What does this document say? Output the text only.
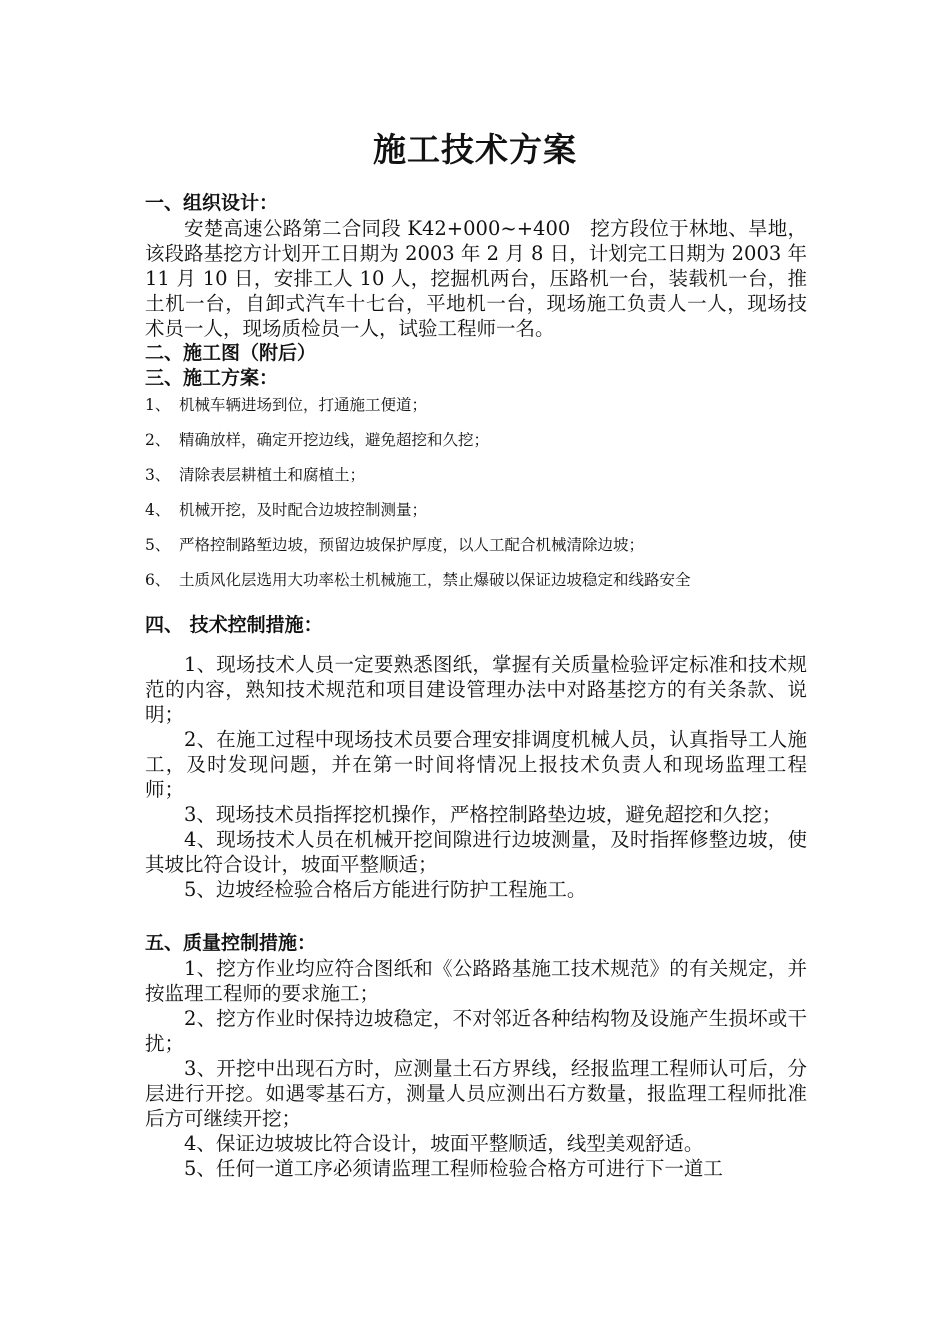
施工技术方案

一、组织设计：

安楚高速公路第二合同段 K42+000~+400　挖方段位于林地、旱地，该段路基挖方计划开工日期为 2003 年 2 月 8 日，计划完工日期为 2003 年 11 月 10 日，安排工人 10 人，挖掘机两台，压路机一台，装载机一台，推土机一台，自卸式汽车十七台，平地机一台，现场施工负责人一人，现场技术员一人，现场质检员一人，试验工程师一名。

二、施工图（附后）

三、施工方案：

1、 机械车辆进场到位，打通施工便道；

2、 精确放样，确定开挖边线，避免超挖和久挖；

3、 清除表层耕植土和腐植土；

4、 机械开挖，及时配合边坡控制测量；

5、 严格控制路堑边坡，预留边坡保护厚度，以人工配合机械清除边坡；

6、 土质风化层选用大功率松土机械施工，禁止爆破以保证边坡稳定和线路安全

四、 技术控制措施：

1、现场技术人员一定要熟悉图纸，掌握有关质量检验评定标准和技术规范的内容，熟知技术规范和项目建设管理办法中对路基挖方的有关条款、说明；

2、在施工过程中现场技术员要合理安排调度机械人员，认真指导工人施工，及时发现问题，并在第一时间将情况上报技术负责人和现场监理工程师；

3、现场技术员指挥挖机操作，严格控制路垫边坡，避免超挖和久挖；

4、现场技术人员在机械开挖间隙进行边坡测量，及时指挥修整边坡，使其坡比符合设计，坡面平整顺适；

5、边坡经检验合格后方能进行防护工程施工。

五、质量控制措施：

1、挖方作业均应符合图纸和《公路路基施工技术规范》的有关规定，并按监理工程师的要求施工；

2、挖方作业时保持边坡稳定，不对邻近各种结构物及设施产生损坏或干扰；

3、开挖中出现石方时，应测量土石方界线，经报监理工程师认可后，分层进行开挖。如遇零基石方，测量人员应测出石方数量，报监理工程师批准后方可继续开挖；

4、保证边坡坡比符合设计，坡面平整顺适，线型美观舒适。

5、任何一道工序必须请监理工程师检验合格方可进行下一道工
